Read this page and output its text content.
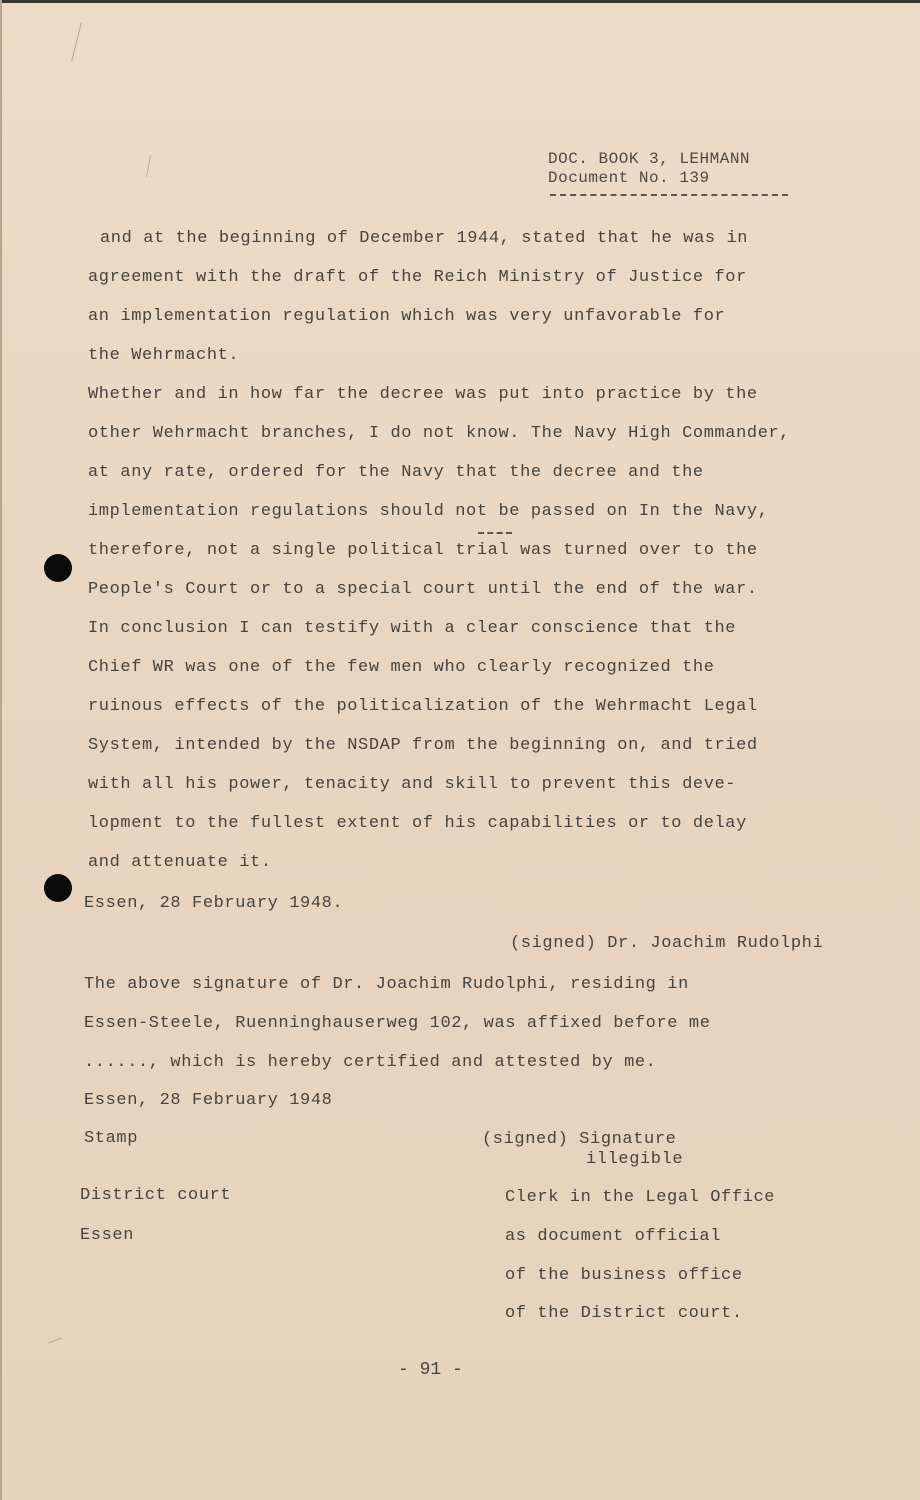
DOC. BOOK 3, LEHMANN
Document No. 139
and at the beginning of December 1944, stated that he was in
agreement with the draft of the Reich Ministry of Justice for
an implementation regulation which was very unfavorable for
the Wehrmacht.
Whether and in how far the decree was put into practice by the
other Wehrmacht branches, I do not know. The Navy High Commander,
at any rate, ordered for the Navy that the decree and the
implementation regulations should not be passed on In the Navy,
therefore, not a single political trial was turned over to the
People's Court or to a special court until the end of the war.
In conclusion I can testify with a clear conscience that the
Chief WR was one of the few men who clearly recognized the
ruinous effects of the politicalization of the Wehrmacht Legal
System, intended by the NSDAP from the beginning on, and tried
with all his power, tenacity and skill to prevent this deve-
lopment to the fullest extent of his capabilities or to delay
and attenuate it.
Essen, 28 February 1948.
(signed) Dr. Joachim Rudolphi
The above signature of Dr. Joachim Rudolphi, residing in
Essen-Steele, Ruenninghauserweg 102, was affixed before me
......, which is hereby certified and attested by me.
Essen, 28 February 1948
Stamp	(signed) Signature
illegible
District court	Clerk in the Legal Office
Essen	as document official
of the business office
of the District court.
- 91 -
